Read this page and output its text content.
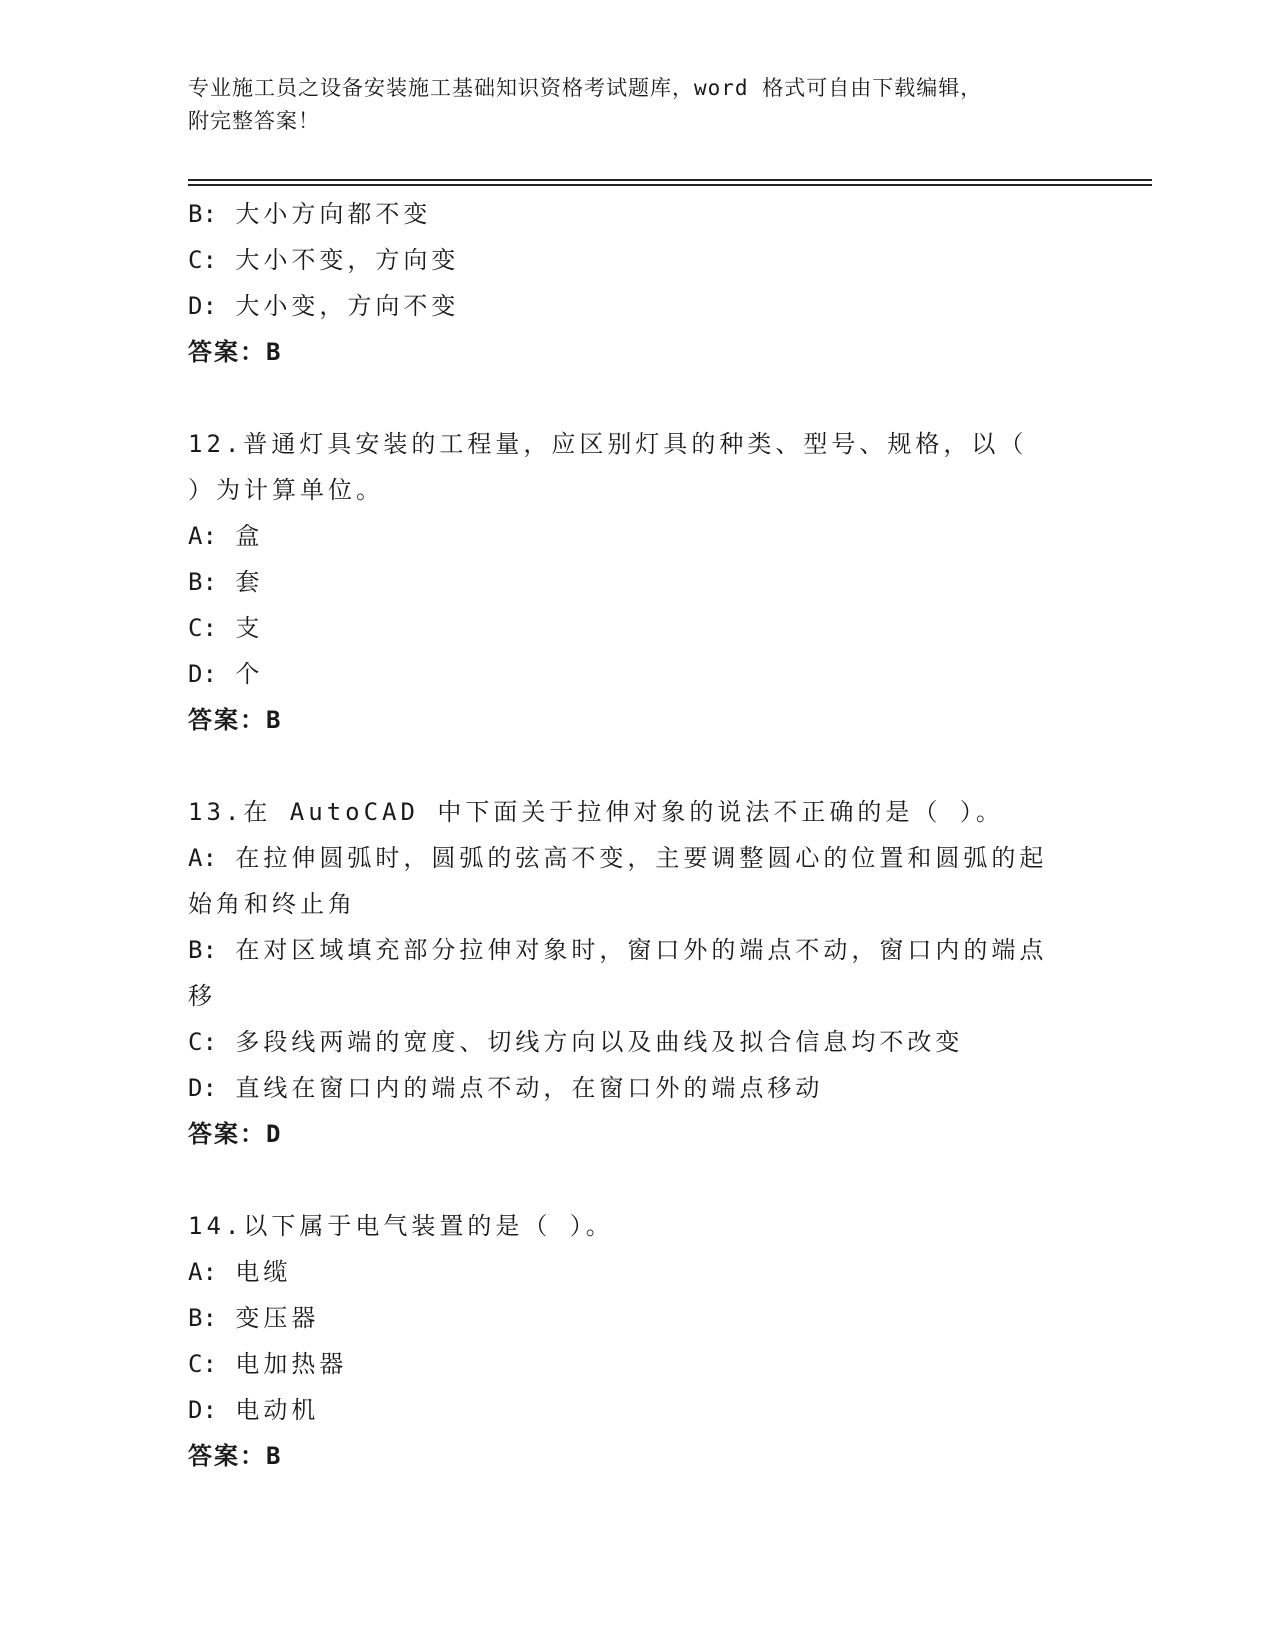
专业施工员之设备安装施工基础知识资格考试题库，word 格式可自由下载编辑，
附完整答案！
B: 大小方向都不变
C: 大小不变，方向变
D: 大小变，方向不变
答案：B
12.普通灯具安装的工程量，应区别灯具的种类、型号、规格，以（
）为计算单位。
A: 盒
B: 套
C: 支
D: 个
答案：B
13.在 AutoCAD 中下面关于拉伸对象的说法不正确的是（ ）。
A: 在拉伸圆弧时，圆弧的弦高不变，主要调整圆心的位置和圆弧的起
始角和终止角
B: 在对区域填充部分拉伸对象时，窗口外的端点不动，窗口内的端点
移
C: 多段线两端的宽度、切线方向以及曲线及拟合信息均不改变
D: 直线在窗口内的端点不动，在窗口外的端点移动
答案：D
14.以下属于电气装置的是（ ）。
A: 电缆
B: 变压器
C: 电加热器
D: 电动机
答案：B
